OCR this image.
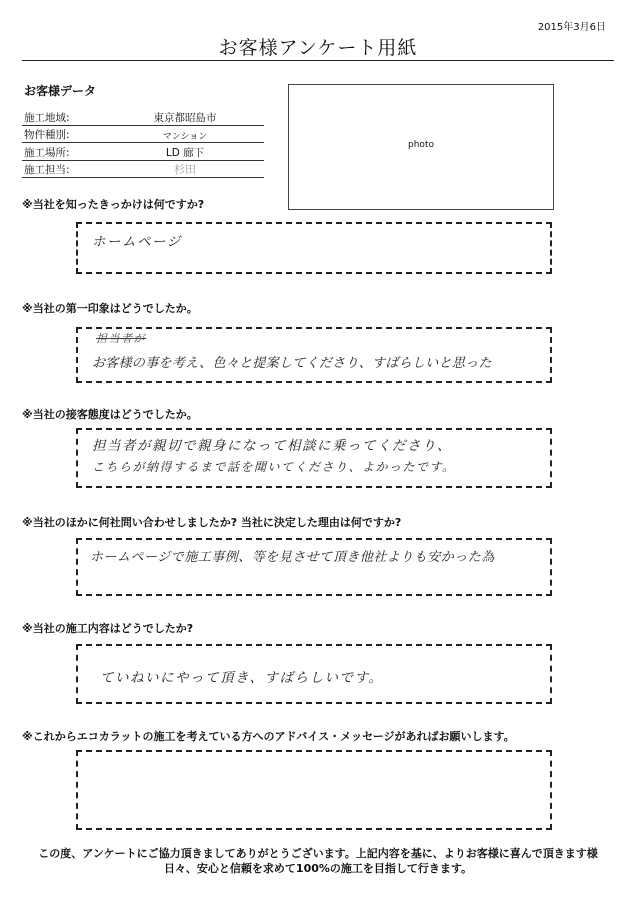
2015年3月6日
お客様アンケート用紙
お客様データ
施工地域:	東京都昭島市
物件種別:	マンション
施工場所:	LD 廊下
施工担当:	杉田
photo
※当社を知ったきっかけは何ですか?
ホームページ
※当社の第一印象はどうでしたか。
担当者が
お客様の事を考え、色々と提案してくださり、すばらしいと思った
※当社の接客態度はどうでしたか。
担当者が親切で親身になって相談に乗ってくださり、
こちらが納得するまで話を聞いてくださり、よかったです。
※当社のほかに何社問い合わせしましたか? 当社に決定した理由は何ですか?
ホームページで施工事例、等を見させて頂き他社よりも安かった為
※当社の施工内容はどうでしたか?
ていねいにやって頂き、すばらしいです。
※これからエコカラットの施工を考えている方へのアドバイス・メッセージがあればお願いします。
この度、アンケートにご協力頂きましてありがとうございます。上記内容を基に、よりお客様に喜んで頂きます様
日々、安心と信頼を求めて100%の施工を目指して行きます。
